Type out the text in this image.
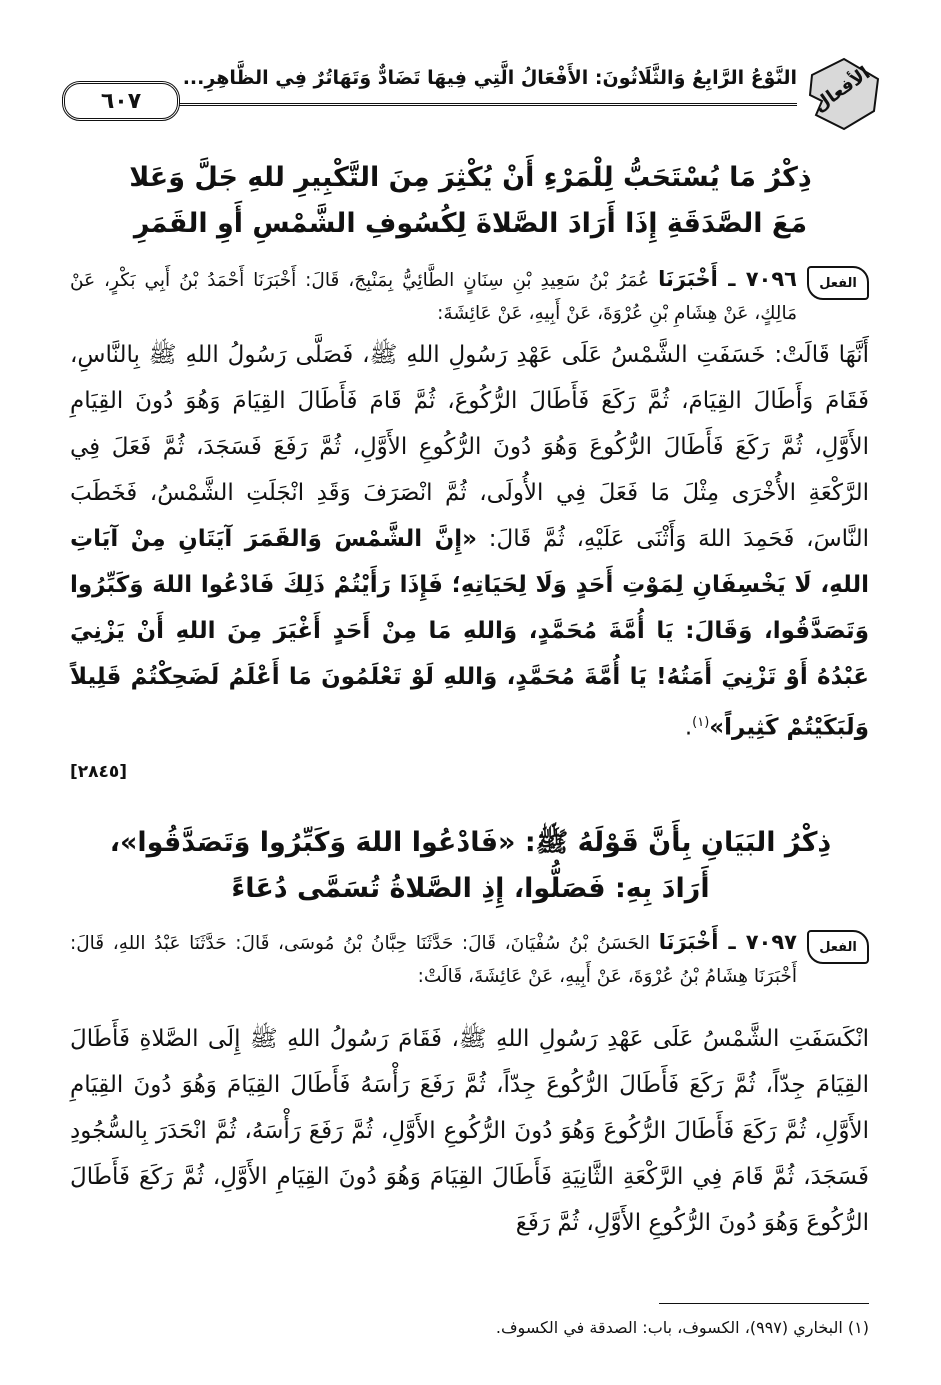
الأفعال
النَّوْعُ الرَّابِعُ وَالثَّلَاثُونَ: الأَفْعَالُ الَّتِي فِيهَا تَضَادٌّ وَتَهَاتُرٌ فِي الظَّاهِرِ...
٦٠٧
ذِكْرُ مَا يُسْتَحَبُّ لِلْمَرْءِ أَنْ يُكْثِرَ مِنَ التَّكْبِيرِ للهِ جَلَّ وَعَلا
مَعَ الصَّدَقَةِ إِذَا أَرَادَ الصَّلاةَ لِكُسُوفِ الشَّمْسِ أَوِ القَمَرِ
الفعل
٧٠٩٦ ـ أَخْبَرَنَا عُمَرُ بْنُ سَعِيدِ بْنِ سِنَانٍ الطَّائِيُّ بِمَنْبِجَ، قَالَ: أَخْبَرَنَا أَحْمَدُ بْنُ أَبِي بَكْرٍ، عَنْ مَالِكٍ، عَنْ هِشَامِ بْنِ عُرْوَةَ، عَنْ أَبِيهِ، عَنْ عَائِشَةَ:
أَنَّهَا قَالَتْ: خَسَفَتِ الشَّمْسُ عَلَى عَهْدِ رَسُولِ اللهِ ﷺ، فَصَلَّى رَسُولُ اللهِ ﷺ بِالنَّاسِ، فَقَامَ وَأَطَالَ القِيَامَ، ثُمَّ رَكَعَ فَأَطَالَ الرُّكُوعَ، ثُمَّ قَامَ فَأَطَالَ القِيَامَ وَهُوَ دُونَ القِيَامِ الأَوَّلِ، ثُمَّ رَكَعَ فَأَطَالَ الرُّكُوعَ وَهُوَ دُونَ الرُّكُوعِ الأَوَّلِ، ثُمَّ رَفَعَ فَسَجَدَ، ثُمَّ فَعَلَ فِي الرَّكْعَةِ الأُخْرَى مِثْلَ مَا فَعَلَ فِي الأُولَى، ثُمَّ انْصَرَفَ وَقَدِ انْجَلَتِ الشَّمْسُ، فَخَطَبَ النَّاسَ، فَحَمِدَ اللهَ وَأَثْنَى عَلَيْهِ، ثُمَّ قَالَ: «إِنَّ الشَّمْسَ وَالقَمَرَ آيَتَانِ مِنْ آيَاتِ اللهِ، لَا يَخْسِفَانِ لِمَوْتِ أَحَدٍ وَلَا لِحَيَاتِهِ؛ فَإِذَا رَأَيْتُمْ ذَلِكَ فَادْعُوا اللهَ وَكَبِّرُوا وَتَصَدَّقُوا، وَقَالَ: يَا أُمَّةَ مُحَمَّدٍ، وَاللهِ مَا مِنْ أَحَدٍ أَغْيَرَ مِنَ اللهِ أَنْ يَزْنِيَ عَبْدُهُ أَوْ تَزْنِيَ أَمَتُهُ! يَا أُمَّةَ مُحَمَّدٍ، وَاللهِ لَوْ تَعْلَمُونَ مَا أَعْلَمُ لَضَحِكْتُمْ قَلِيلاً وَلَبَكَيْتُمْ كَثِيراً»$^{(١)}$.
[٢٨٤٥]
ذِكْرُ البَيَانِ بِأَنَّ قَوْلَهُ ﷺ: «فَادْعُوا اللهَ وَكَبِّرُوا وَتَصَدَّقُوا»،
أَرَادَ بِهِ: فَصَلُّوا، إِذِ الصَّلاةُ تُسَمَّى دُعَاءً
الفعل
٧٠٩٧ ـ أَخْبَرَنَا الحَسَنُ بْنُ سُفْيَانَ، قَالَ: حَدَّثَنَا حِبَّانُ بْنُ مُوسَى، قَالَ: حَدَّثَنَا عَبْدُ اللهِ، قَالَ: أَخْبَرَنَا هِشَامُ بْنُ عُرْوَةَ، عَنْ أَبِيهِ، عَنْ عَائِشَةَ، قَالَتْ:
انْكَسَفَتِ الشَّمْسُ عَلَى عَهْدِ رَسُولِ اللهِ ﷺ، فَقَامَ رَسُولُ اللهِ ﷺ إِلَى الصَّلاةِ فَأَطَالَ القِيَامَ جِدّاً، ثُمَّ رَكَعَ فَأَطَالَ الرُّكُوعَ جِدّاً، ثُمَّ رَفَعَ رَأْسَهُ فَأَطَالَ القِيَامَ وَهُوَ دُونَ القِيَامِ الأَوَّلِ، ثُمَّ رَكَعَ فَأَطَالَ الرُّكُوعَ وَهُوَ دُونَ الرُّكُوعِ الأَوَّلِ، ثُمَّ رَفَعَ رَأْسَهُ، ثُمَّ انْحَدَرَ بِالسُّجُودِ فَسَجَدَ، ثُمَّ قَامَ فِي الرَّكْعَةِ الثَّانِيَةِ فَأَطَالَ القِيَامَ وَهُوَ دُونَ القِيَامِ الأَوَّلِ، ثُمَّ رَكَعَ فَأَطَالَ الرُّكُوعَ وَهُوَ دُونَ الرُّكُوعِ الأَوَّلِ، ثُمَّ رَفَعَ
(١) البخاري (٩٩٧)، الكسوف، باب: الصدقة في الكسوف.
